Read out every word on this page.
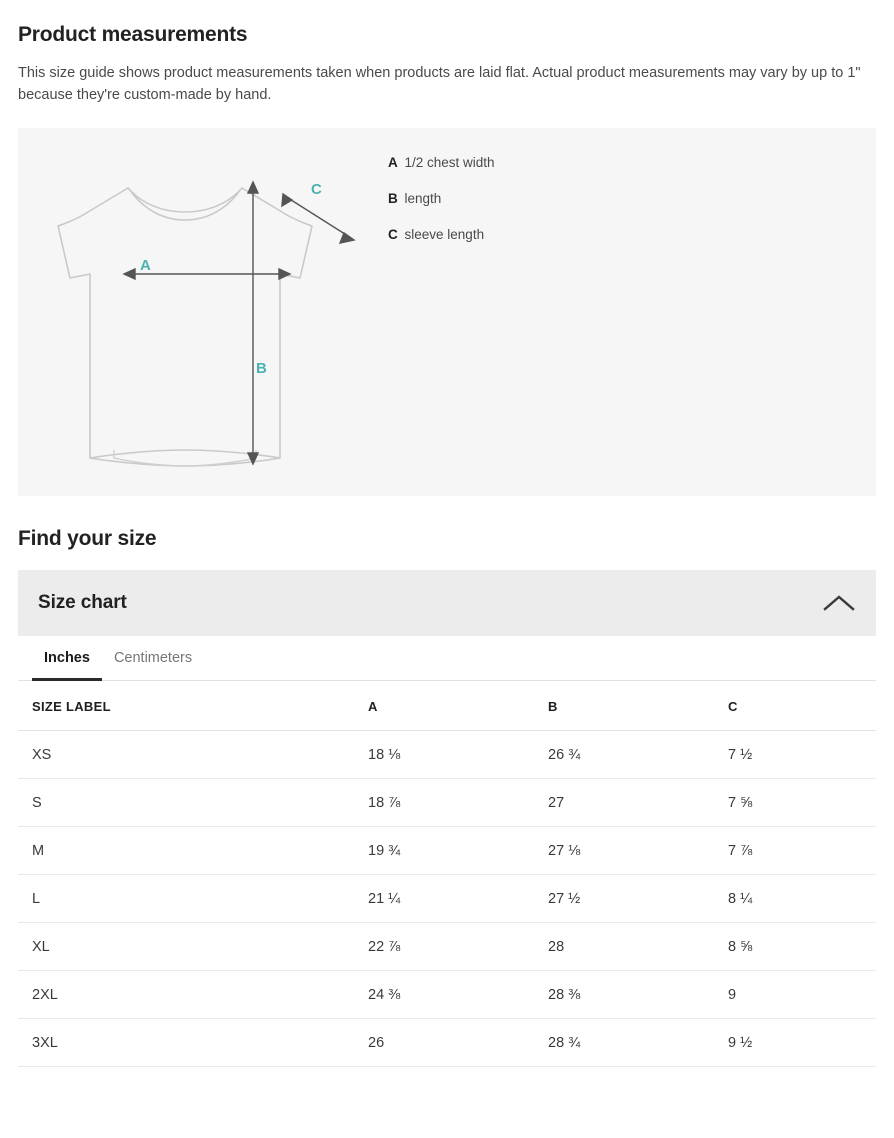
Product measurements

This size guide shows product measurements taken when products are laid flat. Actual product measurements may vary by up to 1" because they're custom-made by hand.

A
B
C
A 1/2 chest width
B length
C sleeve length
Find your size
Size chart
Inches	Centimeters
SIZE LABEL	A	B	C
XS	18 ⅛	26 ¾	7 ½
S	18 ⅞	27	7 ⅝
M	19 ¾	27 ⅛	7 ⅞
L	21 ¼	27 ½	8 ¼
XL	22 ⅞	28	8 ⅝
2XL	24 ⅜	28 ⅜	9
3XL	26	28 ¾	9 ½
